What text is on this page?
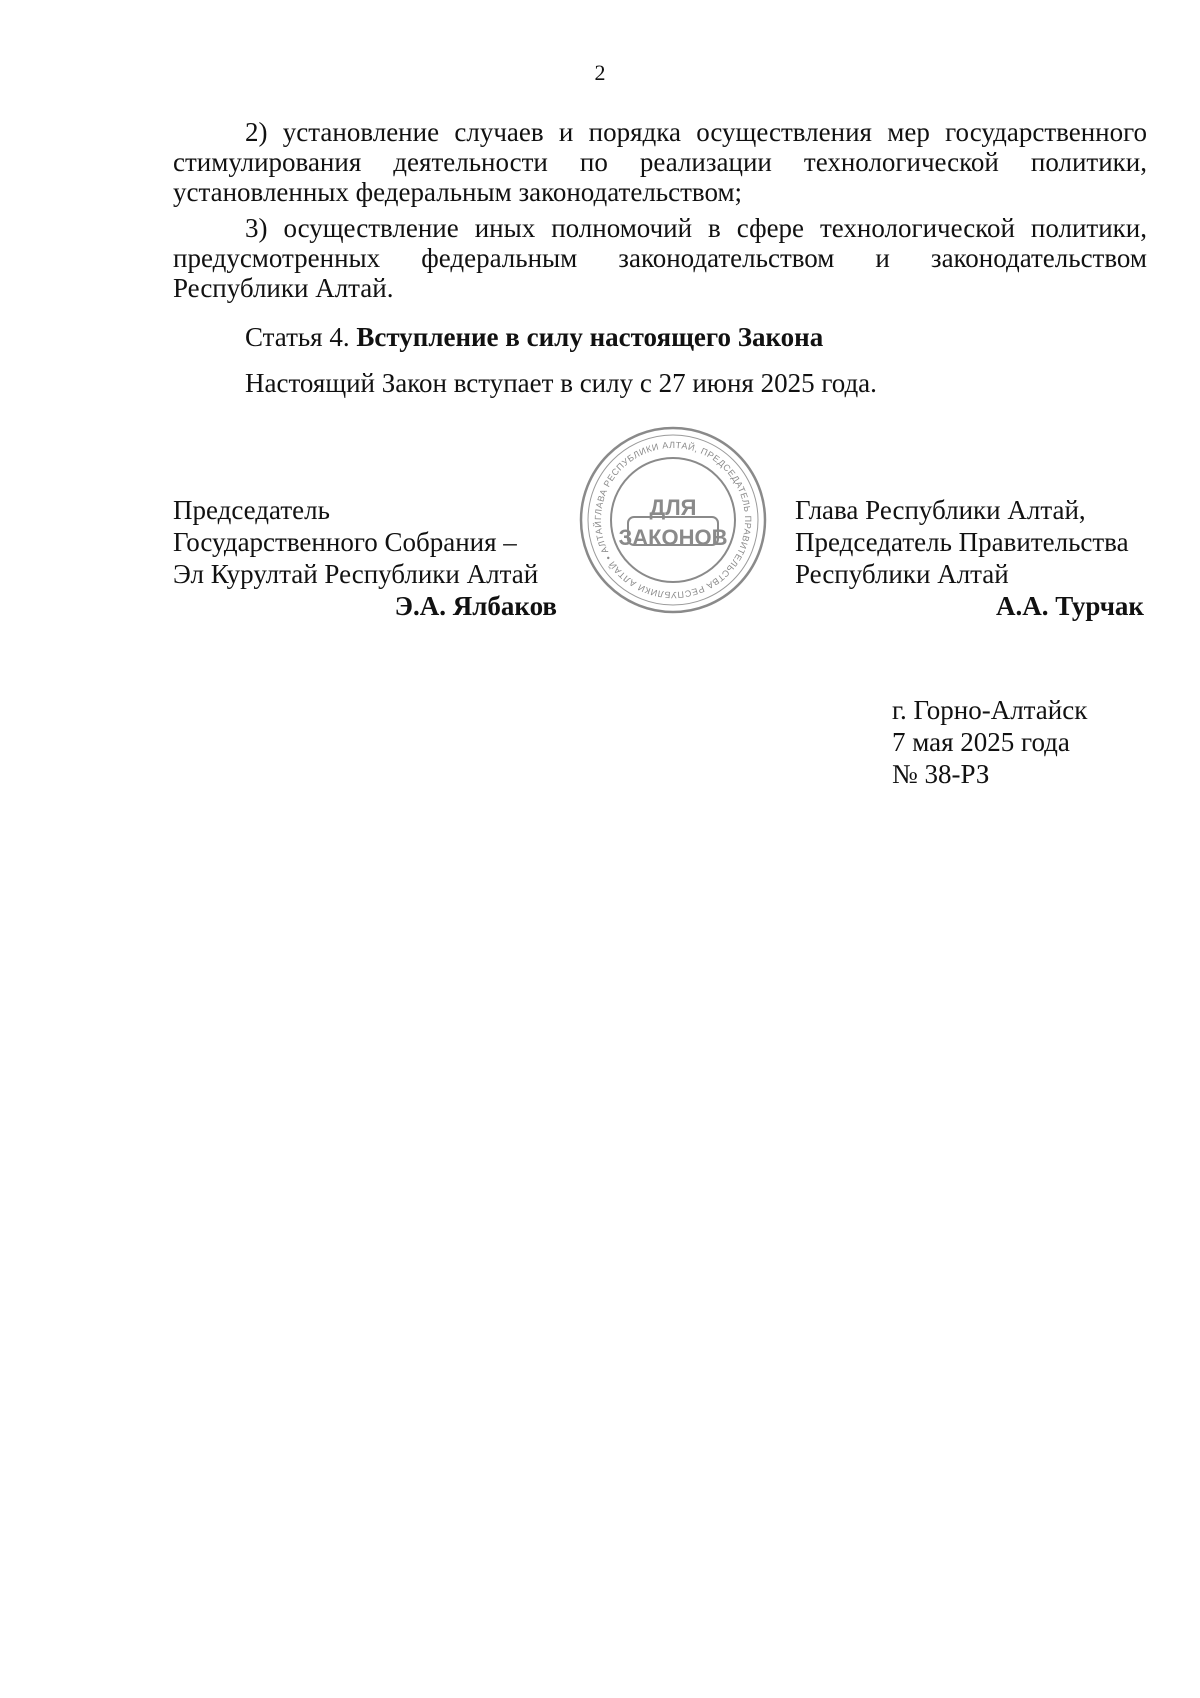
2

2) установление случаев и порядка осуществления мер государственного стимулирования деятельности по реализации технологической политики, установленных федеральным законодательством;

3) осуществление иных полномочий в сфере технологической политики, предусмотренных федеральным законодательством и законодательством Республики Алтай.

Статья 4. Вступление в силу настоящего Закона
Настоящий Закон вступает в силу с 27 июня 2025 года.
Председатель
Государственного Собрания –
Эл Курултай Республики Алтай
Э.А. Ялбаков
ГЛАВА РЕСПУБЛИКИ АЛТАЙ, ПРЕДСЕДАТЕЛЬ ПРАВИТЕЛЬСТВА РЕСПУБЛИКИ АЛТАЙ • АЛТАЙ
ДЛЯ
ЗАКОНОВ
Глава Республики Алтай,
Председатель Правительства
Республики Алтай
А.А. Турчак
г. Горно-Алтайск
7 мая 2025 года
№ 38-РЗ
